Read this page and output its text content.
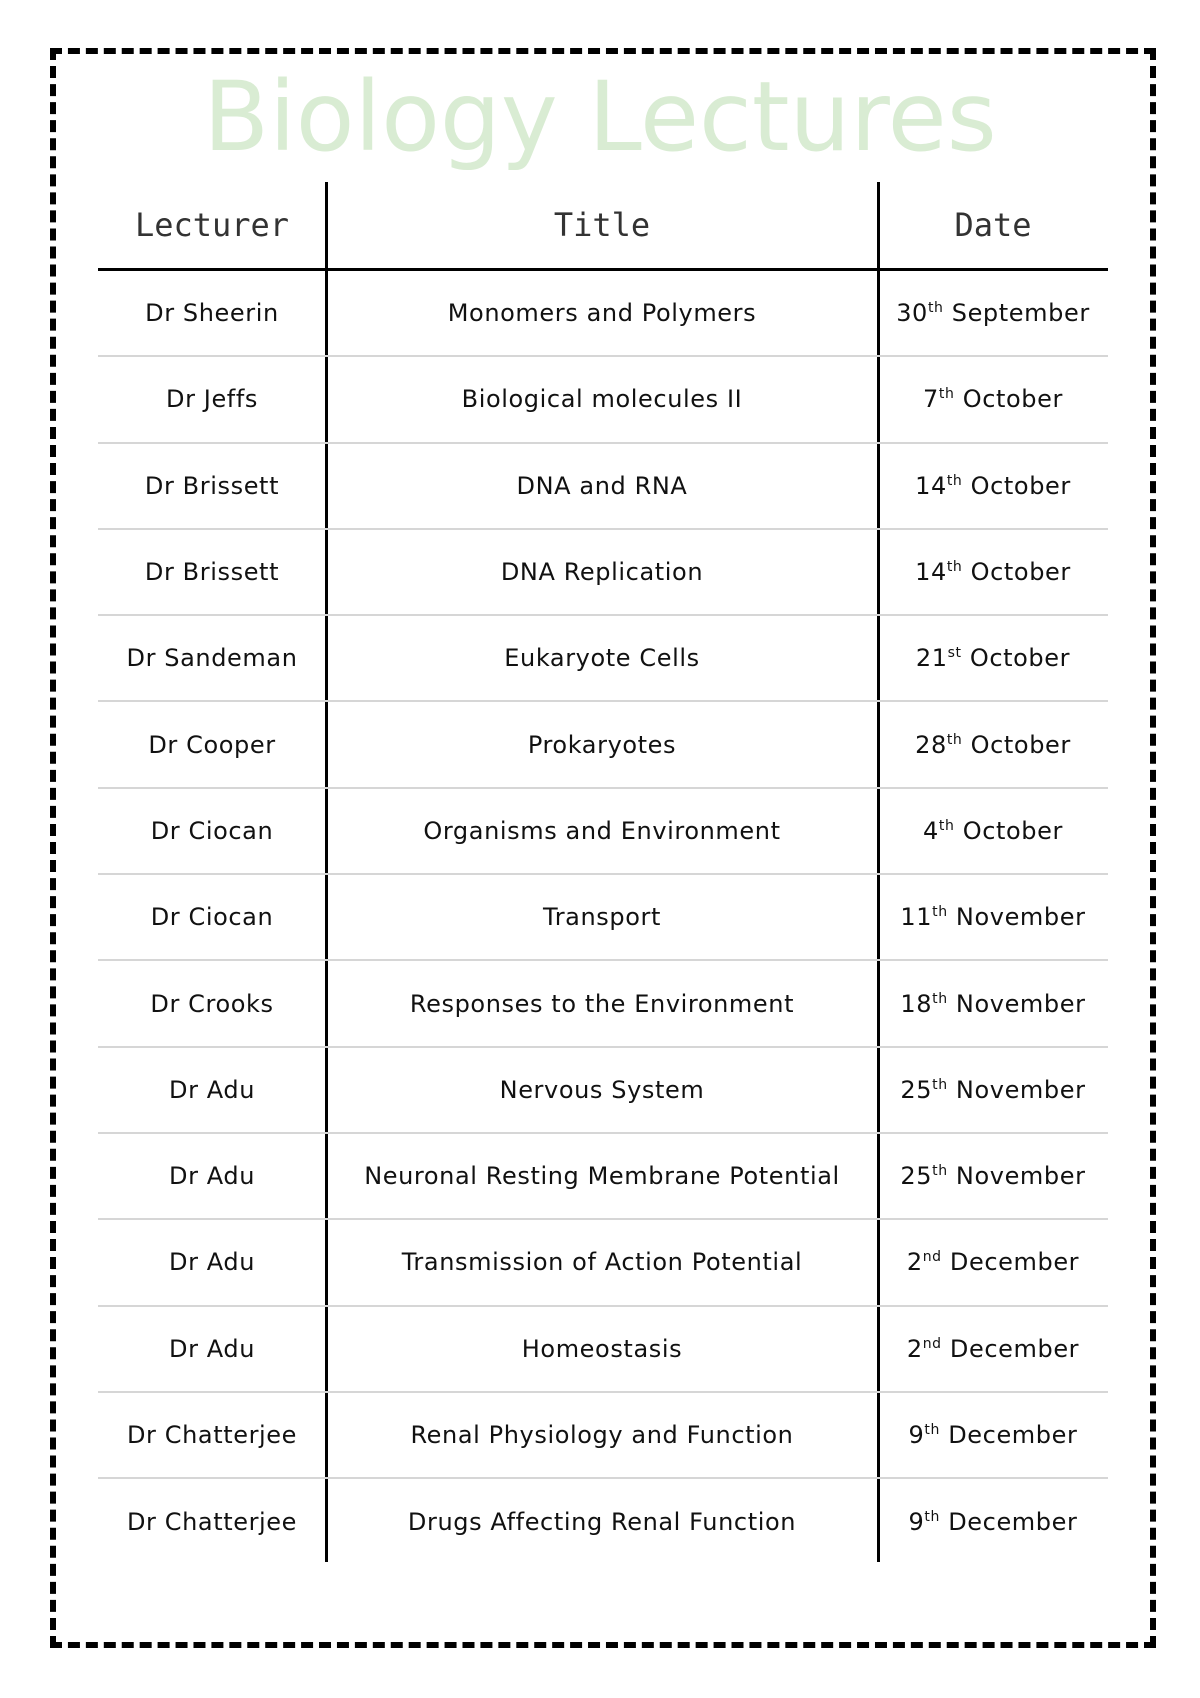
Biology Lectures
Lecturer	Title	Date
Dr Sheerin	Monomers and Polymers	30th September
Dr Jeffs	Biological molecules II	7th October
Dr Brissett	DNA and RNA	14th October
Dr Brissett	DNA Replication	14th October
Dr Sandeman	Eukaryote Cells	21st October
Dr Cooper	Prokaryotes	28th October
Dr Ciocan	Organisms and Environment	4th October
Dr Ciocan	Transport	11th November
Dr Crooks	Responses to the Environment	18th November
Dr Adu	Nervous System	25th November
Dr Adu	Neuronal Resting Membrane Potential	25th November
Dr Adu	Transmission of Action Potential	2nd December
Dr Adu	Homeostasis	2nd December
Dr Chatterjee	Renal Physiology and Function	9th December
Dr Chatterjee	Drugs Affecting Renal Function	9th December
